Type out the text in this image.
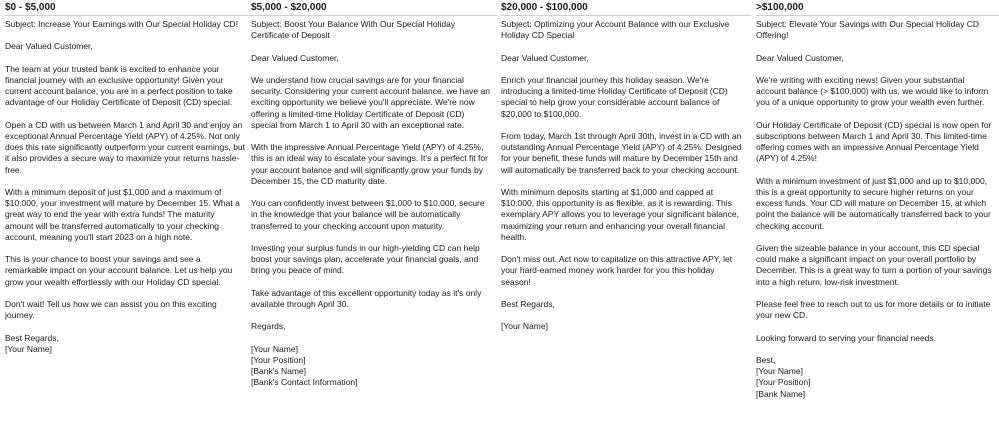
$0 - $5,000

Subject: Increase Your Earnings with Our Special Holiday CD!

Dear Valued Customer,

The team at your trusted bank is excited to enhance your financial journey with an exclusive opportunity! Given your current account balance, you are in a perfect position to take advantage of our Holiday Certificate of Deposit (CD) special.

Open a CD with us between March 1 and April 30 and enjoy an exceptional Annual Percentage Yield (APY) of 4.25%. Not only does this rate significantly outperform your current earnings, but it also provides a secure way to maximize your returns hassle-free.

With a minimum deposit of just $1,000 and a maximum of $10,000, your investment will mature by December 15. What a great way to end the year with extra funds! The maturity amount will be transferred automatically to your checking account, meaning you'll start 2023 on a high note.

This is your chance to boost your savings and see a remarkable impact on your account balance. Let us help you grow your wealth effortlessly with our Holiday CD special.

Don't wait! Tell us how we can assist you on this exciting journey.

Best Regards,
[Your Name]
$5,000 - $20,000

Subject: Boost Your Balance With Our Special Holiday Certificate of Deposit

Dear Valued Customer,

We understand how crucial savings are for your financial security. Considering your current account balance, we have an exciting opportunity we believe you'll appreciate. We're now offering a limited-time Holiday Certificate of Deposit (CD) special from March 1 to April 30 with an exceptional rate.

With the impressive Annual Percentage Yield (APY) of 4.25%, this is an ideal way to escalate your savings. It's a perfect fit for your account balance and will significantly grow your funds by December 15, the CD maturity date.

You can confidently invest between $1,000 to $10,000, secure in the knowledge that your balance will be automatically transferred to your checking account upon maturity.

Investing your surplus funds in our high-yielding CD can help boost your savings plan, accelerate your financial goals, and bring you peace of mind.

Take advantage of this excellent opportunity today as it's only available through April 30.

Regards,

[Your Name]
[Your Position]
[Bank's Name]
[Bank's Contact Information]
$20,000 - $100,000

Subject: Optimizing your Account Balance with our Exclusive Holiday CD Special

Dear Valued Customer,

Enrich your financial journey this holiday season. We're introducing a limited-time Holiday Certificate of Deposit (CD) special to help grow your considerable account balance of $20,000 to $100,000.

From today, March 1st through April 30th, invest in a CD with an outstanding Annual Percentage Yield (APY) of 4.25%. Designed for your benefit, these funds will mature by December 15th and will automatically be transferred back to your checking account.

With minimum deposits starting at $1,000 and capped at $10,000, this opportunity is as flexible, as it is rewarding. This exemplary APY allows you to leverage your significant balance, maximizing your return and enhancing your overall financial health.

Don't miss out. Act now to capitalize on this attractive APY, let your hard-earned money work harder for you this holiday season!

Best Regards,

[Your Name]
>$100,000

Subject: Elevate Your Savings with Our Special Holiday CD Offering!

Dear Valued Customer,

We're writing with exciting news! Given your substantial account balance (> $100,000) with us, we would like to inform you of a unique opportunity to grow your wealth even further.

Our Holiday Certificate of Deposit (CD) special is now open for subscriptions between March 1 and April 30. This limited-time offering comes with an impressive Annual Percentage Yield (APY) of 4.25%!

With a minimum investment of just $1,000 and up to $10,000, this is a great opportunity to secure higher returns on your excess funds. Your CD will mature on December 15, at which point the balance will be automatically transferred back to your checking account.

Given the sizeable balance in your account, this CD special could make a significant impact on your overall portfolio by December. This is a great way to turn a portion of your savings into a high return, low-risk investment.

Please feel free to reach out to us for more details or to initiate your new CD.

Looking forward to serving your financial needs.

Best,
[Your Name]
[Your Position]
[Bank Name]
